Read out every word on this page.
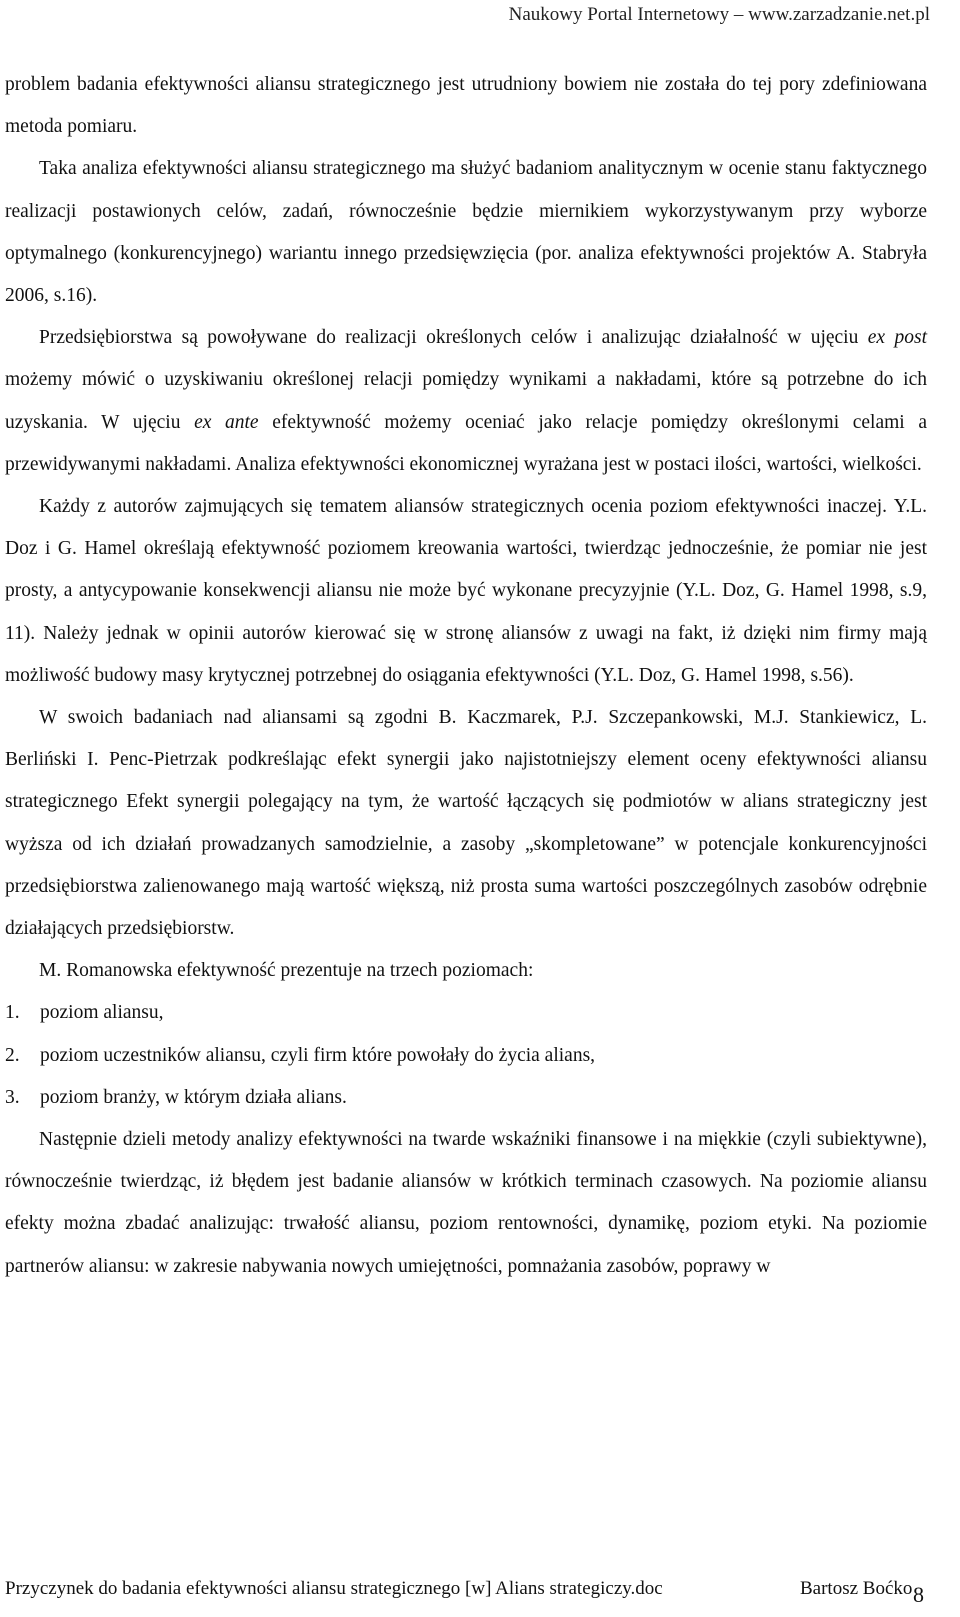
Naukowy Portal Internetowy – www.zarzadzanie.net.pl

problem badania efektywności aliansu strategicznego jest utrudniony bowiem nie została do tej pory zdefiniowana metoda pomiaru.

Taka analiza efektywności aliansu strategicznego ma służyć badaniom analitycznym w ocenie stanu faktycznego realizacji postawionych celów, zadań, równocześnie będzie miernikiem wykorzystywanym przy wyborze optymalnego (konkurencyjnego) wariantu innego przedsięwzięcia (por. analiza efektywności projektów A. Stabryła 2006, s.16).

Przedsiębiorstwa są powoływane do realizacji określonych celów i analizując działalność w ujęciu ex post możemy mówić o uzyskiwaniu określonej relacji pomiędzy wynikami a nakładami, które są potrzebne do ich uzyskania. W ujęciu ex ante efektywność możemy oceniać jako relacje pomiędzy określonymi celami a przewidywanymi nakładami. Analiza efektywności ekonomicznej wyrażana jest w postaci ilości, wartości, wielkości.

Każdy z autorów zajmujących się tematem aliansów strategicznych ocenia poziom efektywności inaczej. Y.L. Doz i G. Hamel określają efektywność poziomem kreowania wartości, twierdząc jednocześnie, że pomiar nie jest prosty, a antycypowanie konsekwencji aliansu nie może być wykonane precyzyjnie (Y.L. Doz, G. Hamel 1998, s.9, 11). Należy jednak w opinii autorów kierować się w stronę aliansów z uwagi na fakt, iż dzięki nim firmy mają możliwość budowy masy krytycznej potrzebnej do osiągania efektywności (Y.L. Doz, G. Hamel 1998, s.56).

W swoich badaniach nad aliansami są zgodni B. Kaczmarek, P.J. Szczepankowski, M.J. Stankiewicz, L. Berliński I. Penc-Pietrzak podkreślając efekt synergii jako najistotniejszy element oceny efektywności aliansu strategicznego Efekt synergii polegający na tym, że wartość łączących się podmiotów w alians strategiczny jest wyższa od ich działań prowadzanych samodzielnie, a zasoby „skompletowane” w potencjale konkurencyjności przedsiębiorstwa zalienowanego mają wartość większą, niż prosta suma wartości poszczególnych zasobów odrębnie działających przedsiębiorstw.

M. Romanowska efektywność prezentuje na trzech poziomach:

1.	poziom aliansu,
2.	poziom uczestników aliansu, czyli firm które powołały do życia alians,
3.	poziom branży, w którym działa alians.

Następnie dzieli metody analizy efektywności na twarde wskaźniki finansowe i na miękkie (czyli subiektywne), równocześnie twierdząc, iż błędem jest badanie aliansów w krótkich terminach czasowych. Na poziomie aliansu efekty można zbadać analizując: trwałość aliansu, poziom rentowności, dynamikę, poziom etyki. Na poziomie partnerów aliansu: w zakresie nabywania nowych umiejętności, pomnażania zasobów, poprawy w

Przyczynek do badania efektywności aliansu strategicznego [w] Alians strategiczy.doc	Bartosz Boćko 8
